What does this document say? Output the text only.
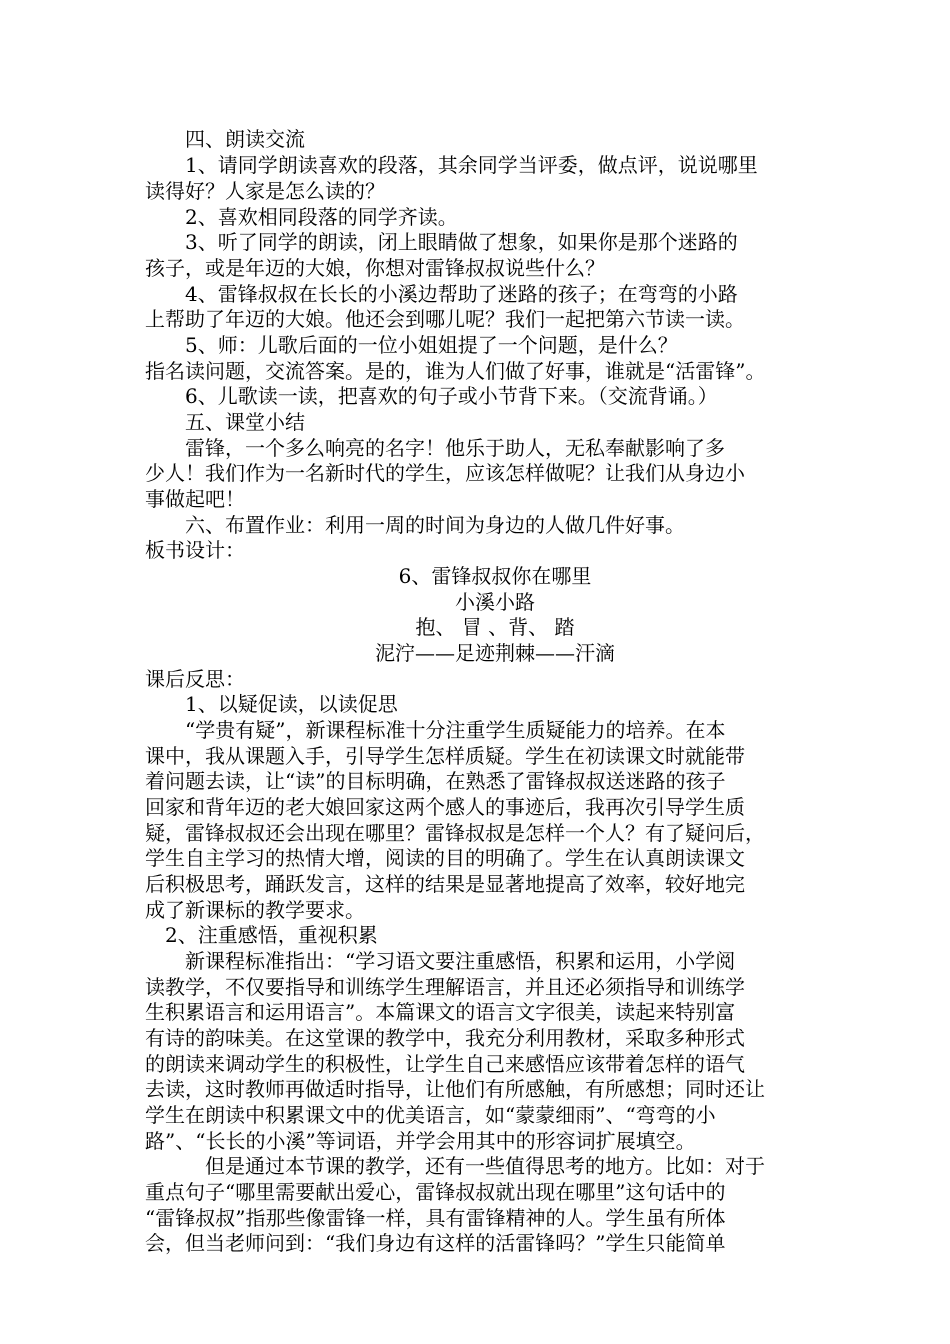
　　四、朗读交流
　　1、请同学朗读喜欢的段落，其余同学当评委，做点评，说说哪里
读得好？人家是怎么读的？
　　2、喜欢相同段落的同学齐读。
　　3、听了同学的朗读，闭上眼睛做了想象，如果你是那个迷路的
孩子，或是年迈的大娘，你想对雷锋叔叔说些什么？
　　4、雷锋叔叔在长长的小溪边帮助了迷路的孩子；在弯弯的小路
上帮助了年迈的大娘。他还会到哪儿呢？我们一起把第六节读一读。
　　5、师：儿歌后面的一位小姐姐提了一个问题，是什么？
指名读问题，交流答案。是的，谁为人们做了好事，谁就是“活雷锋”。
　　6、儿歌读一读，把喜欢的句子或小节背下来。（交流背诵。）
　　五、课堂小结
　　雷锋，一个多么响亮的名字！他乐于助人，无私奉献影响了多
少人！我们作为一名新时代的学生，应该怎样做呢？让我们从身边小
事做起吧！
　　六、布置作业：利用一周的时间为身边的人做几件好事。
板书设计：
6、雷锋叔叔你在哪里
小溪小路
抱、 冒 、背、 踏
泥泞——足迹荆棘——汗滴
课后反思：
　　1、以疑促读，以读促思
　　“学贵有疑”，新课程标准十分注重学生质疑能力的培养。在本
课中，我从课题入手，引导学生怎样质疑。学生在初读课文时就能带
着问题去读，让“读”的目标明确，在熟悉了雷锋叔叔送迷路的孩子
回家和背年迈的老大娘回家这两个感人的事迹后，我再次引导学生质
疑，雷锋叔叔还会出现在哪里？雷锋叔叔是怎样一个人？有了疑问后，
学生自主学习的热情大增，阅读的目的明确了。学生在认真朗读课文
后积极思考，踊跃发言，这样的结果是显著地提高了效率，较好地完
成了新课标的教学要求。
　2、注重感悟，重视积累
　　新课程标准指出：“学习语文要注重感悟，积累和运用，小学阅
读教学，不仅要指导和训练学生理解语言，并且还必须指导和训练学
生积累语言和运用语言”。本篇课文的语言文字很美，读起来特别富
有诗的韵味美。在这堂课的教学中，我充分利用教材，采取多种形式
的朗读来调动学生的积极性，让学生自己来感悟应该带着怎样的语气
去读，这时教师再做适时指导，让他们有所感触，有所感想；同时还让
学生在朗读中积累课文中的优美语言，如“蒙蒙细雨”、“弯弯的小
路”、“长长的小溪”等词语，并学会用其中的形容词扩展填空。
　　　但是通过本节课的教学，还有一些值得思考的地方。比如：对于
重点句子“哪里需要献出爱心，雷锋叔叔就出现在哪里”这句话中的
“雷锋叔叔”指那些像雷锋一样，具有雷锋精神的人。学生虽有所体
会，但当老师问到：“我们身边有这样的活雷锋吗？”学生只能简单
